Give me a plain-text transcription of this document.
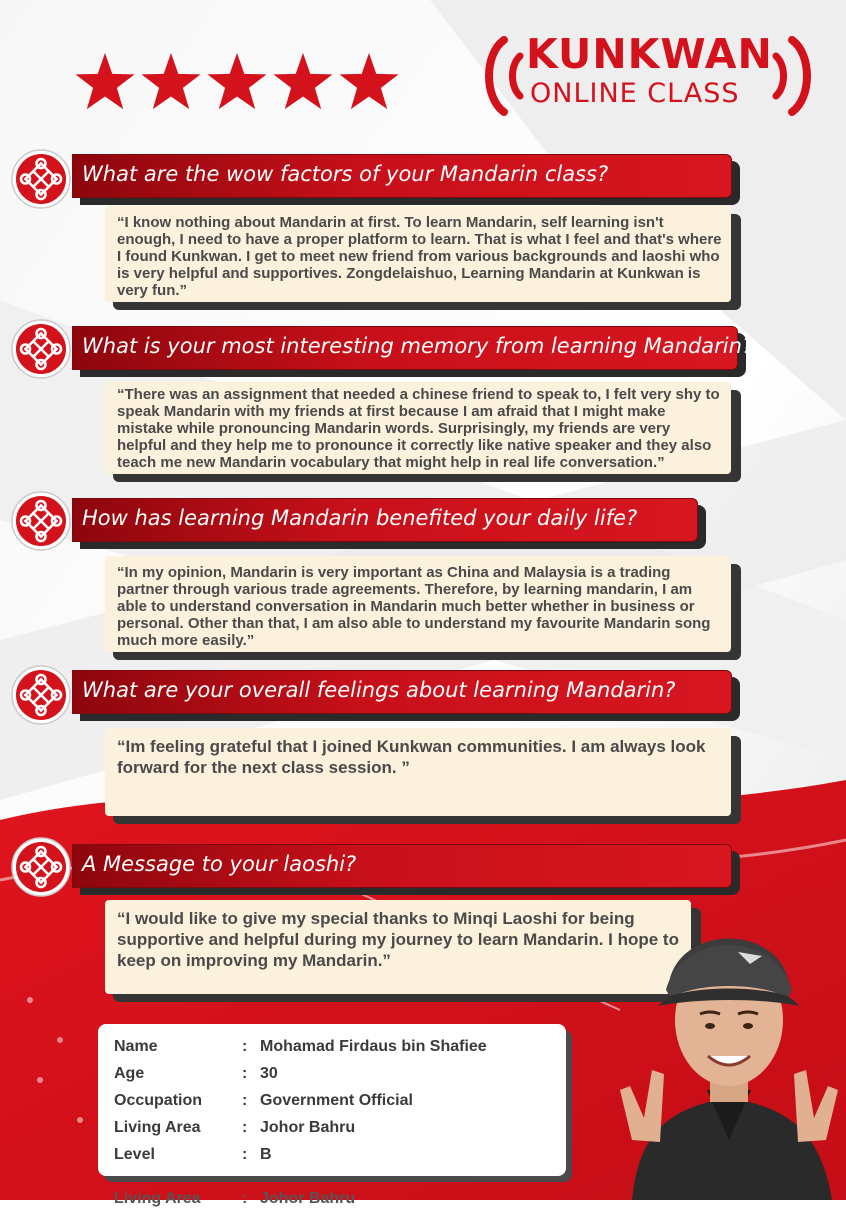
KUNKWAN
ONLINE CLASS
What are the wow factors of your Mandarin class?
“I know nothing about Mandarin at first. To learn Mandarin, self learning isn't enough, I need to have a proper platform to learn. That is what I feel and that's where I found Kunkwan. I get to meet new friend from various backgrounds and laoshi who is very helpful and supportives. Zongdelaishuo, Learning Mandarin at Kunkwan is very fun.”
What is your most interesting memory from learning Mandarin?
“There was an assignment that needed a chinese friend to speak to, I felt very shy to speak Mandarin with my friends at first because I am afraid that I might make mistake while pronouncing Mandarin words. Surprisingly, my friends are very helpful and they help me to pronounce it correctly like native speaker and they also teach me new Mandarin vocabulary that might help in real life conversation.”
How has learning Mandarin benefited your daily life?
“In my opinion, Mandarin is very important as China and Malaysia is a trading partner through various trade agreements. Therefore, by learning mandarin, I am able to understand conversation in Mandarin much better whether in business or personal. Other than that, I am also able to understand my favourite Mandarin song much more easily.”
What are your overall feelings about learning Mandarin?
“Im feeling grateful that I joined Kunkwan communities. I am always look forward for the next class session. ”
A Message to your laoshi?
“I would like to give my special thanks to Minqi Laoshi for being supportive and helpful during my journey to learn Mandarin. I hope to keep on improving my Mandarin.”
Name	: Mohamad Firdaus bin Shafiee
Age	: 30
Occupation : Government Official
Living Area	: Johor Bahru
Level	: B
Living Area	: Johor Bahru
